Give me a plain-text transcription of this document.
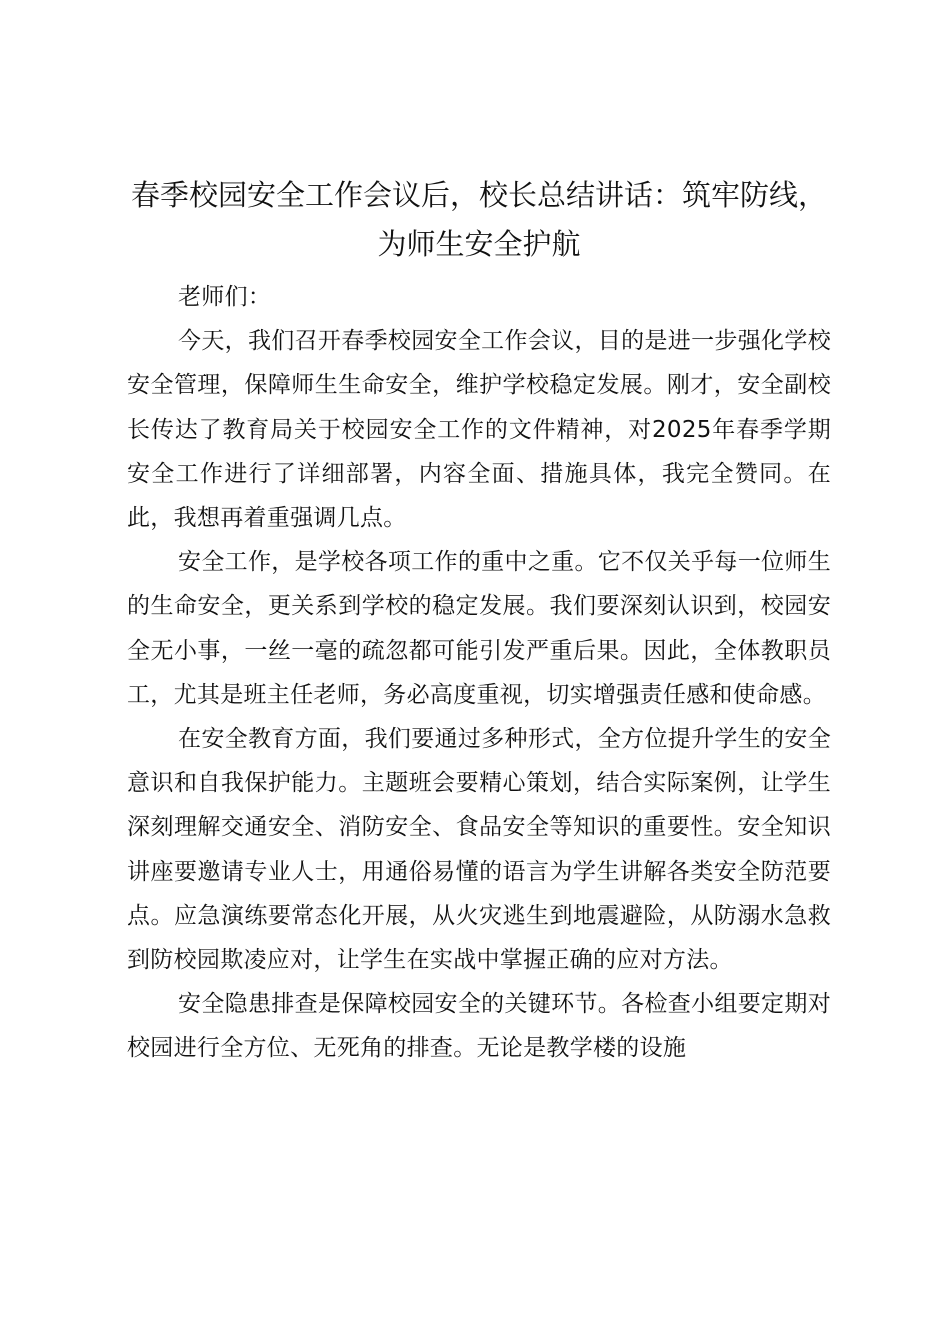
春季校园安全工作会议后，校长总结讲话：筑牢防线，为师生安全护航

老师们：

今天，我们召开春季校园安全工作会议，目的是进一步强化学校安全管理，保障师生生命安全，维护学校稳定发展。刚才，安全副校长传达了教育局关于校园安全工作的文件精神，对2025年春季学期安全工作进行了详细部署，内容全面、措施具体，我完全赞同。在此，我想再着重强调几点。

安全工作，是学校各项工作的重中之重。它不仅关乎每一位师生的生命安全，更关系到学校的稳定发展。我们要深刻认识到，校园安全无小事，一丝一毫的疏忽都可能引发严重后果。因此，全体教职员工，尤其是班主任老师，务必高度重视，切实增强责任感和使命感。

在安全教育方面，我们要通过多种形式，全方位提升学生的安全意识和自我保护能力。主题班会要精心策划，结合实际案例，让学生深刻理解交通安全、消防安全、食品安全等知识的重要性。安全知识讲座要邀请专业人士，用通俗易懂的语言为学生讲解各类安全防范要点。应急演练要常态化开展，从火灾逃生到地震避险，从防溺水急救到防校园欺凌应对，让学生在实战中掌握正确的应对方法。

安全隐患排查是保障校园安全的关键环节。各检查小组要定期对校园进行全方位、无死角的排查。无论是教学楼的设施
